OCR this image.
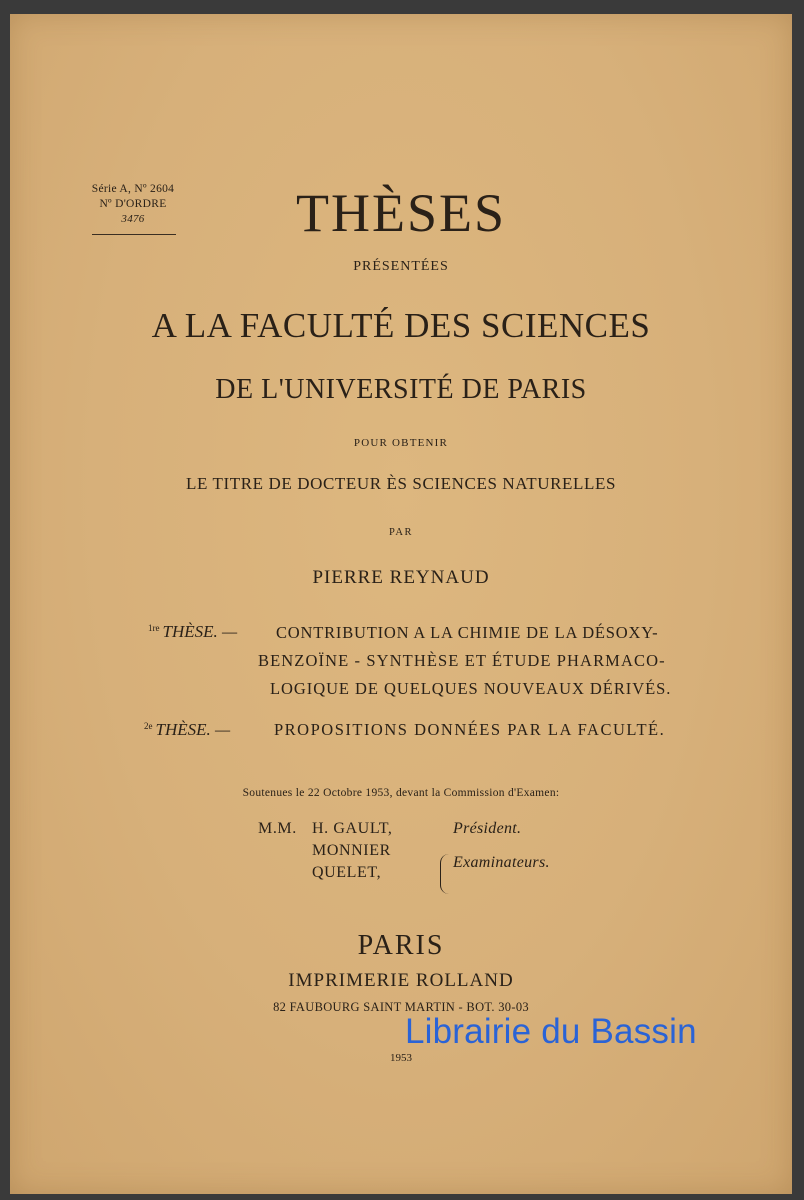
Série A, Nº 2604
Nº D'ORDRE
3476	THÈSES
PRÉSENTÉES
A LA FACULTÉ DES SCIENCES
DE L'UNIVERSITÉ DE PARIS
POUR OBTENIR
LE TITRE DE DOCTEUR ÈS SCIENCES NATURELLES
PAR
PIERRE REYNAUD
$^{1re}$ THÈSE. — CONTRIBUTION A LA CHIMIE DE LA DÉSOXY-
BENZOÏNE - SYNTHÈSE ET ÉTUDE PHARMACO-
LOGIQUE DE QUELQUES NOUVEAUX DÉRIVÉS.
$^{2e}$ THÈSE. —	PROPOSITIONS DONNÉES PAR LA FACULTÉ.
Soutenues le 22 Octobre 1953, devant la Commission d'Examen:
M.M. H. GAULT,	Président.
MONNIER
QUELET,
Examinateurs.
PARIS
IMPRIMERIE ROLLAND
82 FAUBOURG SAINT MARTIN - BOT. 30-03
1953
Librairie du Bassin
